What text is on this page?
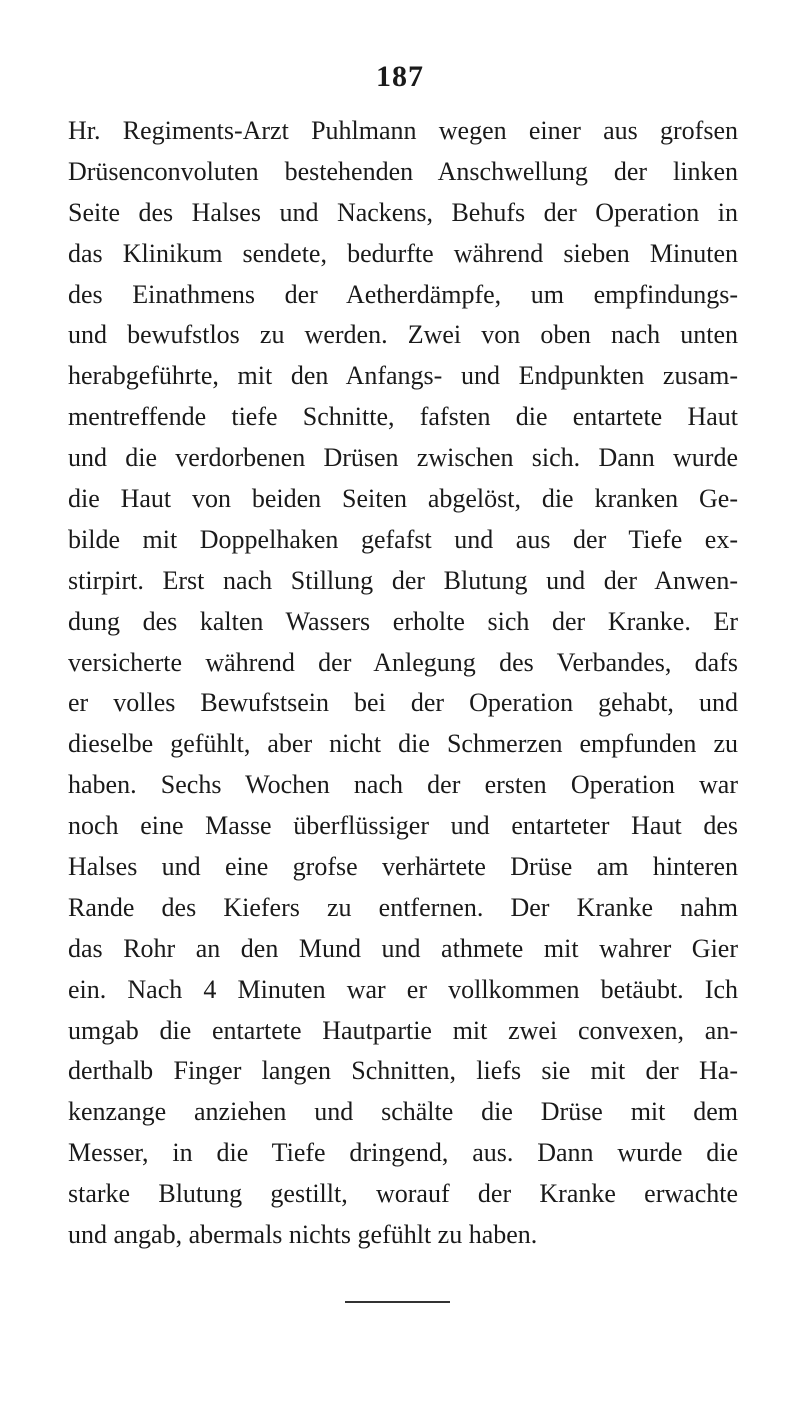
187
Hr. Regiments-Arzt Puhlmann wegen einer aus grofsen
Drüsenconvoluten bestehenden Anschwellung der linken
Seite des Halses und Nackens, Behufs der Operation in
das Klinikum sendete, bedurfte während sieben Minuten
des Einathmens der Aetherdämpfe, um empfindungs-
und bewufstlos zu werden. Zwei von oben nach unten
herabgeführte, mit den Anfangs- und Endpunkten zusam-
mentreffende tiefe Schnitte, fafsten die entartete Haut
und die verdorbenen Drüsen zwischen sich. Dann wurde
die Haut von beiden Seiten abgelöst, die kranken Ge-
bilde mit Doppelhaken gefafst und aus der Tiefe ex-
stirpirt. Erst nach Stillung der Blutung und der Anwen-
dung des kalten Wassers erholte sich der Kranke. Er
versicherte während der Anlegung des Verbandes, dafs
er volles Bewufstsein bei der Operation gehabt, und
dieselbe gefühlt, aber nicht die Schmerzen empfunden zu
haben. Sechs Wochen nach der ersten Operation war
noch eine Masse überflüssiger und entarteter Haut des
Halses und eine grofse verhärtete Drüse am hinteren
Rande des Kiefers zu entfernen. Der Kranke nahm
das Rohr an den Mund und athmete mit wahrer Gier
ein. Nach 4 Minuten war er vollkommen betäubt. Ich
umgab die entartete Hautpartie mit zwei convexen, an-
derthalb Finger langen Schnitten, liefs sie mit der Ha-
kenzange anziehen und schälte die Drüse mit dem
Messer, in die Tiefe dringend, aus. Dann wurde die
starke Blutung gestillt, worauf der Kranke erwachte
und angab, abermals nichts gefühlt zu haben.
